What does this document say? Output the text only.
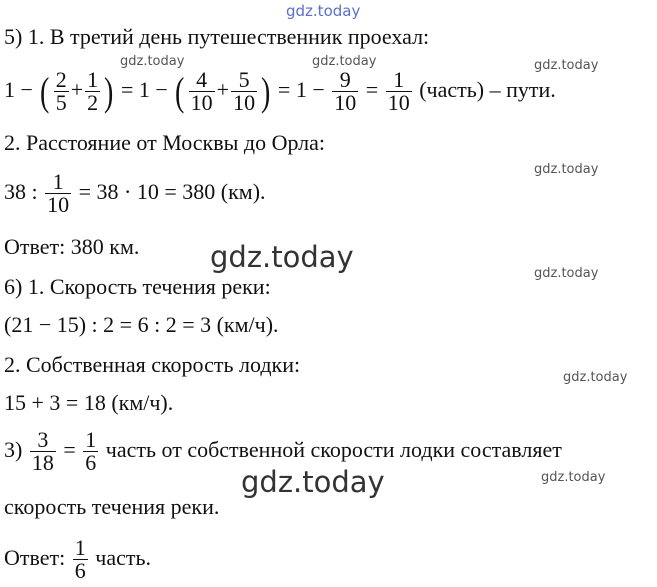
gdz.today
gdz.today	gdz.today	gdz.today
gdz.today
gdz.today
gdz.today
gdz.today
gdz.today
gdz.today
5) 1. В третий день путешественник проехал:
1 − ( $\frac{2}{5} + \frac{1}{2}$ ) = 1 − ( $\frac{4}{10} + \frac{5}{10}$ ) = $1 - \frac{9}{10} = \frac{1}{10}$ (часть) – пути.
2. Расстояние от Москвы до Орла:
38 : $\frac{1}{10} = 38 \cdot 10 = 380$ (км).
Ответ: 380 км.
6) 1. Скорость течения реки:
(21 − 15) : 2 = 6 : 2 = 3 (км/ч).
2. Собственная скорость лодки:
15 + 3 = 18 (км/ч).
$3) \frac{3}{18} = \frac{1}{6}$ часть от собственной скорости лодки составляет
скорость течения реки.
Ответ: $\frac{1}{6}$ часть.
